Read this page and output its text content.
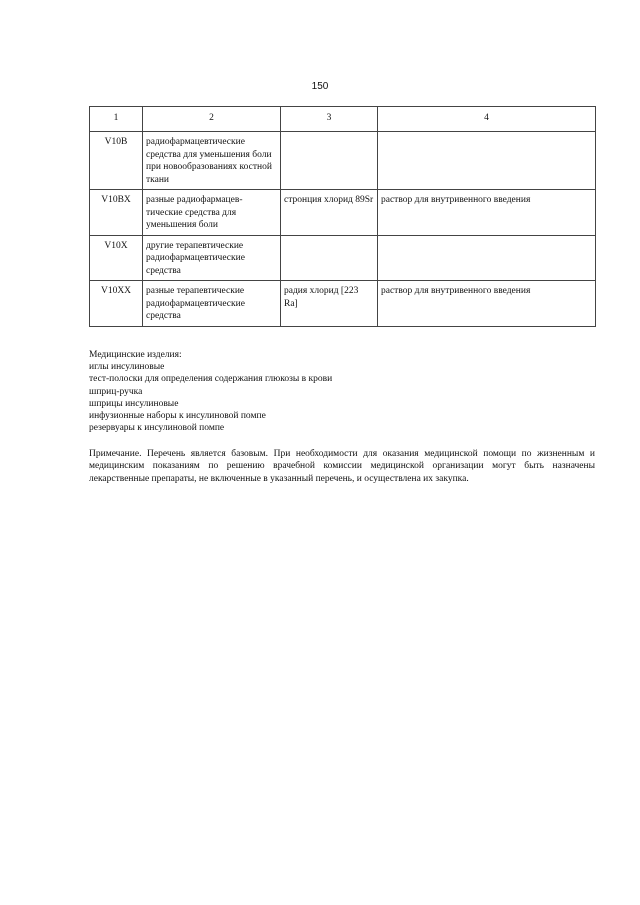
150
1	2	3	4
V10B	радиофармацевтические средства для уменьшения боли при новообразованиях костной ткани		
V10BX	разные радиофармацев-тические средства для уменьшения боли	стронция хлорид 89Sr	раствор для внутривенного введения
V10X	другие терапевтические радиофармацевтические средства		
V10XX	разные терапевтические радиофармацевтические средства	радия хлорид [223 Ra]	раствор для внутривенного введения
Медицинские изделия:
иглы инсулиновые
тест-полоски для определения содержания глюкозы в крови
шприц-ручка
шприцы инсулиновые
инфузионные наборы к инсулиновой помпе
резервуары к инсулиновой помпе
Примечание. Перечень является базовым. При необходимости для оказания медицинской помощи по жизненным и медицинским показаниям по решению врачебной комиссии медицинской организации могут быть назначены лекарственные препараты, не включенные в указанный перечень, и осуществлена их закупка.
